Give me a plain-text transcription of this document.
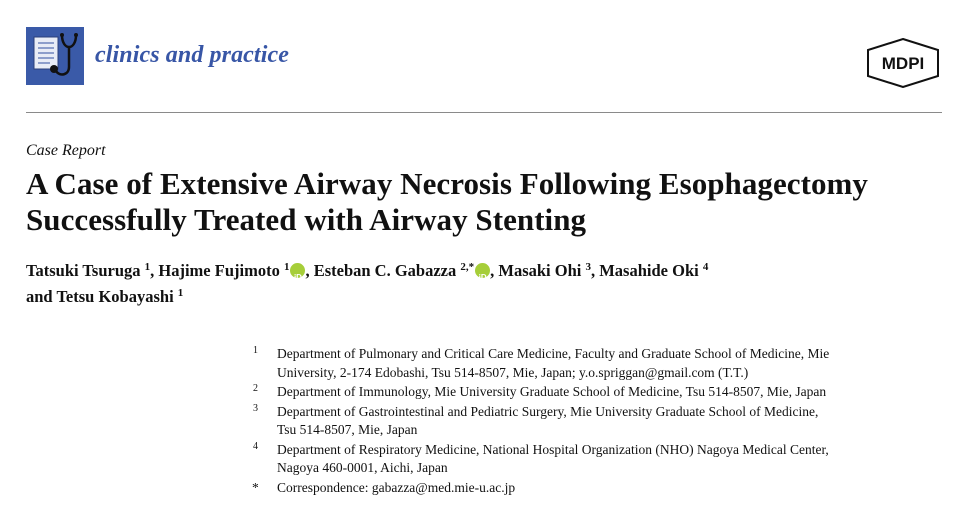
clinics and practice	MDPI
Case Report
A Case of Extensive Airway Necrosis Following Esophagectomy
Successfully Treated with Airway Stenting
Tatsuki Tsuruga $^1$, Hajime Fujimoto $^1$
iD , Esteban C. Gabazza $^{2,*}$
iD , Masaki Ohi $^3$, Masahide Oki $^4$
and Tetsu Kobayashi $^1$
1 Department of Pulmonary and Critical Care Medicine, Faculty and Graduate School of Medicine, Mie
University, 2-174 Edobashi, Tsu 514-8507, Mie, Japan; y.o.spriggan@gmail.com (T.T.)
2 Department of Immunology, Mie University Graduate School of Medicine, Tsu 514-8507, Mie, Japan
3 Department of Gastrointestinal and Pediatric Surgery, Mie University Graduate School of Medicine,
Tsu 514-8507, Mie, Japan
4 Department of Respiratory Medicine, National Hospital Organization (NHO) Nagoya Medical Center,
Nagoya 460-0001, Aichi, Japan
* Correspondence: gabazza@med.mie-u.ac.jp
